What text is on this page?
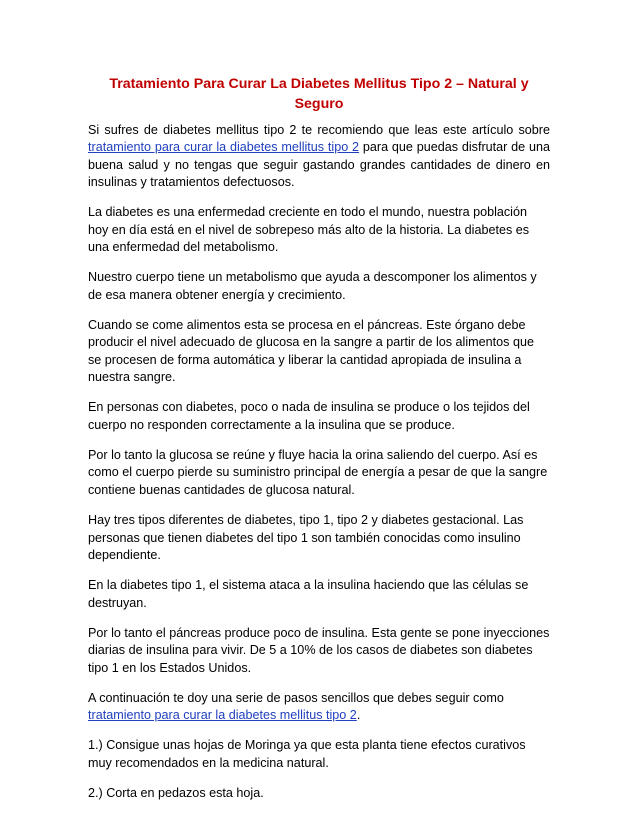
Tratamiento Para Curar La Diabetes Mellitus Tipo 2 – Natural y Seguro

Si sufres de diabetes mellitus tipo 2 te recomiendo que leas este artículo sobre tratamiento para curar la diabetes mellitus tipo 2 para que puedas disfrutar de una buena salud y no tengas que seguir gastando grandes cantidades de dinero en insulinas y tratamientos defectuosos.

La diabetes es una enfermedad creciente en todo el mundo, nuestra población hoy en día está en el nivel de sobrepeso más alto de la historia. La diabetes es una enfermedad del metabolismo.

Nuestro cuerpo tiene un metabolismo que ayuda a descomponer los alimentos y de esa manera obtener energía y crecimiento.

Cuando se come alimentos esta se procesa en el páncreas. Este órgano debe producir el nivel adecuado de glucosa en la sangre a partir de los alimentos que se procesen de forma automática y liberar la cantidad apropiada de insulina a nuestra sangre.

En personas con diabetes, poco o nada de insulina se produce o los tejidos del cuerpo no responden correctamente a la insulina que se produce.

Por lo tanto la glucosa se reúne y fluye hacia la orina saliendo del cuerpo. Así es como el cuerpo pierde su suministro principal de energía a pesar de que la sangre contiene buenas cantidades de glucosa natural.

Hay tres tipos diferentes de diabetes, tipo 1, tipo 2 y diabetes gestacional. Las personas que tienen diabetes del tipo 1 son también conocidas como insulino dependiente.

En la diabetes tipo 1, el sistema ataca a la insulina haciendo que las células se destruyan.

Por lo tanto el páncreas produce poco de insulina. Esta gente se pone inyecciones diarias de insulina para vivir. De 5 a 10% de los casos de diabetes son diabetes tipo 1 en los Estados Unidos.

A continuación te doy una serie de pasos sencillos que debes seguir como tratamiento para curar la diabetes mellitus tipo 2.

1.) Consigue unas hojas de Moringa ya que esta planta tiene efectos curativos muy recomendados en la medicina natural.

2.) Corta en pedazos esta hoja.
